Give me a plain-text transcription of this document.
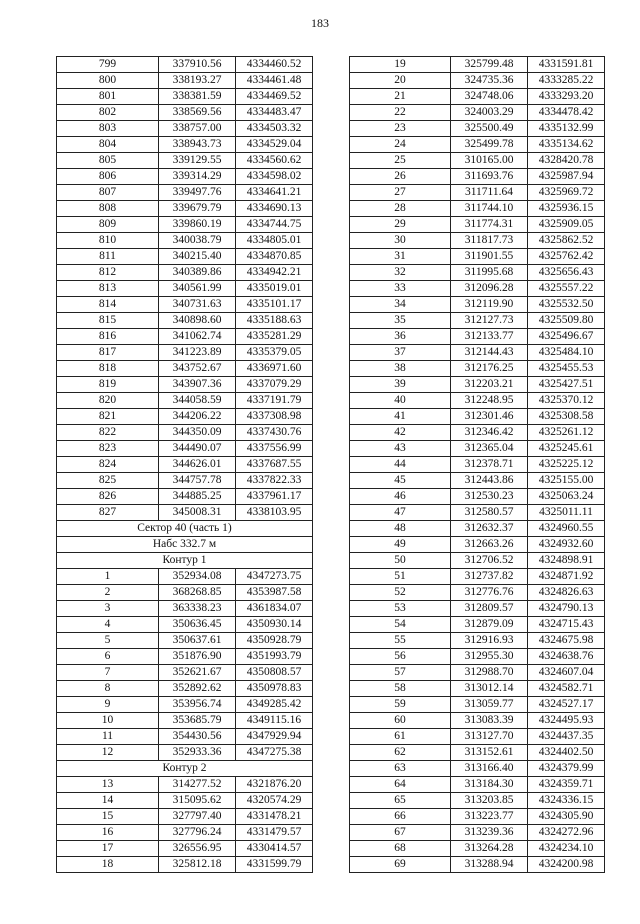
183
799	337910.56	4334460.52
800	338193.27	4334461.48
801	338381.59	4334469.52
802	338569.56	4334483.47
803	338757.00	4334503.32
804	338943.73	4334529.04
805	339129.55	4334560.62
806	339314.29	4334598.02
807	339497.76	4334641.21
808	339679.79	4334690.13
809	339860.19	4334744.75
810	340038.79	4334805.01
811	340215.40	4334870.85
812	340389.86	4334942.21
813	340561.99	4335019.01
814	340731.63	4335101.17
815	340898.60	4335188.63
816	341062.74	4335281.29
817	341223.89	4335379.05
818	343752.67	4336971.60
819	343907.36	4337079.29
820	344058.59	4337191.79
821	344206.22	4337308.98
822	344350.09	4337430.76
823	344490.07	4337556.99
824	344626.01	4337687.55
825	344757.78	4337822.33
826	344885.25	4337961.17
827	345008.31	4338103.95
Сектор 40 (часть 1)		
Набс 332.7 м		
Контур 1		
1	352934.08	4347273.75
2	368268.85	4353987.58
3	363338.23	4361834.07
4	350636.45	4350930.14
5	350637.61	4350928.79
6	351876.90	4351993.79
7	352621.67	4350808.57
8	352892.62	4350978.83
9	353956.74	4349285.42
10	353685.79	4349115.16
11	354430.56	4347929.94
12	352933.36	4347275.38
Контур 2		
13	314277.52	4321876.20
14	315095.62	4320574.29
15	327797.40	4331478.21
16	327796.24	4331479.57
17	326556.95	4330414.57
18	325812.18	4331599.79
19	325799.48	4331591.81
20	324735.36	4333285.22
21	324748.06	4333293.20
22	324003.29	4334478.42
23	325500.49	4335132.99
24	325499.78	4335134.62
25	310165.00	4328420.78
26	311693.76	4325987.94
27	311711.64	4325969.72
28	311744.10	4325936.15
29	311774.31	4325909.05
30	311817.73	4325862.52
31	311901.55	4325762.42
32	311995.68	4325656.43
33	312096.28	4325557.22
34	312119.90	4325532.50
35	312127.73	4325509.80
36	312133.77	4325496.67
37	312144.43	4325484.10
38	312176.25	4325455.53
39	312203.21	4325427.51
40	312248.95	4325370.12
41	312301.46	4325308.58
42	312346.42	4325261.12
43	312365.04	4325245.61
44	312378.71	4325225.12
45	312443.86	4325155.00
46	312530.23	4325063.24
47	312580.57	4325011.11
48	312632.37	4324960.55
49	312663.26	4324932.60
50	312706.52	4324898.91
51	312737.82	4324871.92
52	312776.76	4324826.63
53	312809.57	4324790.13
54	312879.09	4324715.43
55	312916.93	4324675.98
56	312955.30	4324638.76
57	312988.70	4324607.04
58	313012.14	4324582.71
59	313059.77	4324527.17
60	313083.39	4324495.93
61	313127.70	4324437.35
62	313152.61	4324402.50
63	313166.40	4324379.99
64	313184.30	4324359.71
65	313203.85	4324336.15
66	313223.77	4324305.90
67	313239.36	4324272.96
68	313264.28	4324234.10
69	313288.94	4324200.98
